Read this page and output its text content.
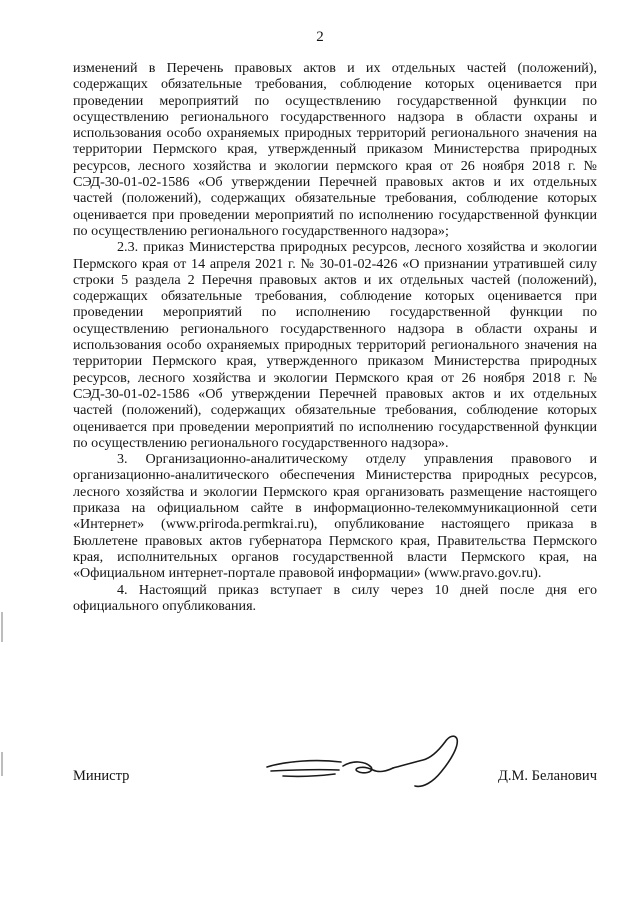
2

изменений в Перечень правовых актов и их отдельных частей (положений), содержащих обязательные требования, соблюдение которых оценивается при проведении мероприятий по осуществлению государственной функции по осуществлению регионального государственного надзора в области охраны и использования особо охраняемых природных территорий регионального значения на территории Пермского края, утвержденный приказом Министерства природных ресурсов, лесного хозяйства и экологии пермского края от 26 ноября 2018 г. № СЭД-30-01-02-1586 «Об утверждении Перечней правовых актов и их отдельных частей (положений), содержащих обязательные требования, соблюдение которых оценивается при проведении мероприятий по исполнению государственной функции по осуществлению регионального государственного надзора»;

2.3. приказ Министерства природных ресурсов, лесного хозяйства и экологии Пермского края от 14 апреля 2021 г. № 30-01-02-426 «О признании утратившей силу строки 5 раздела 2 Перечня правовых актов и их отдельных частей (положений), содержащих обязательные требования, соблюдение которых оценивается при проведении мероприятий по исполнению государственной функции по осуществлению регионального государственного надзора в области охраны и использования особо охраняемых природных территорий регионального значения на территории Пермского края, утвержденного приказом Министерства природных ресурсов, лесного хозяйства и экологии Пермского края от 26 ноября 2018 г. № СЭД-30-01-02-1586 «Об утверждении Перечней правовых актов и их отдельных частей (положений), содержащих обязательные требования, соблюдение которых оценивается при проведении мероприятий по исполнению государственной функции по осуществлению регионального государственного надзора».

3. Организационно-аналитическому отделу управления правового и организационно-аналитического обеспечения Министерства природных ресурсов, лесного хозяйства и экологии Пермского края организовать размещение настоящего приказа на официальном сайте в информационно-телекоммуникационной сети «Интернет» (www.priroda.permkrai.ru), опубликование настоящего приказа в Бюллетене правовых актов губернатора Пермского края, Правительства Пермского края, исполнительных органов государственной власти Пермского края, на «Официальном интернет-портале правовой информации» (www.pravo.gov.ru).

4. Настоящий приказ вступает в силу через 10 дней после дня его официального опубликования.

Министр	Д.М. Беланович
